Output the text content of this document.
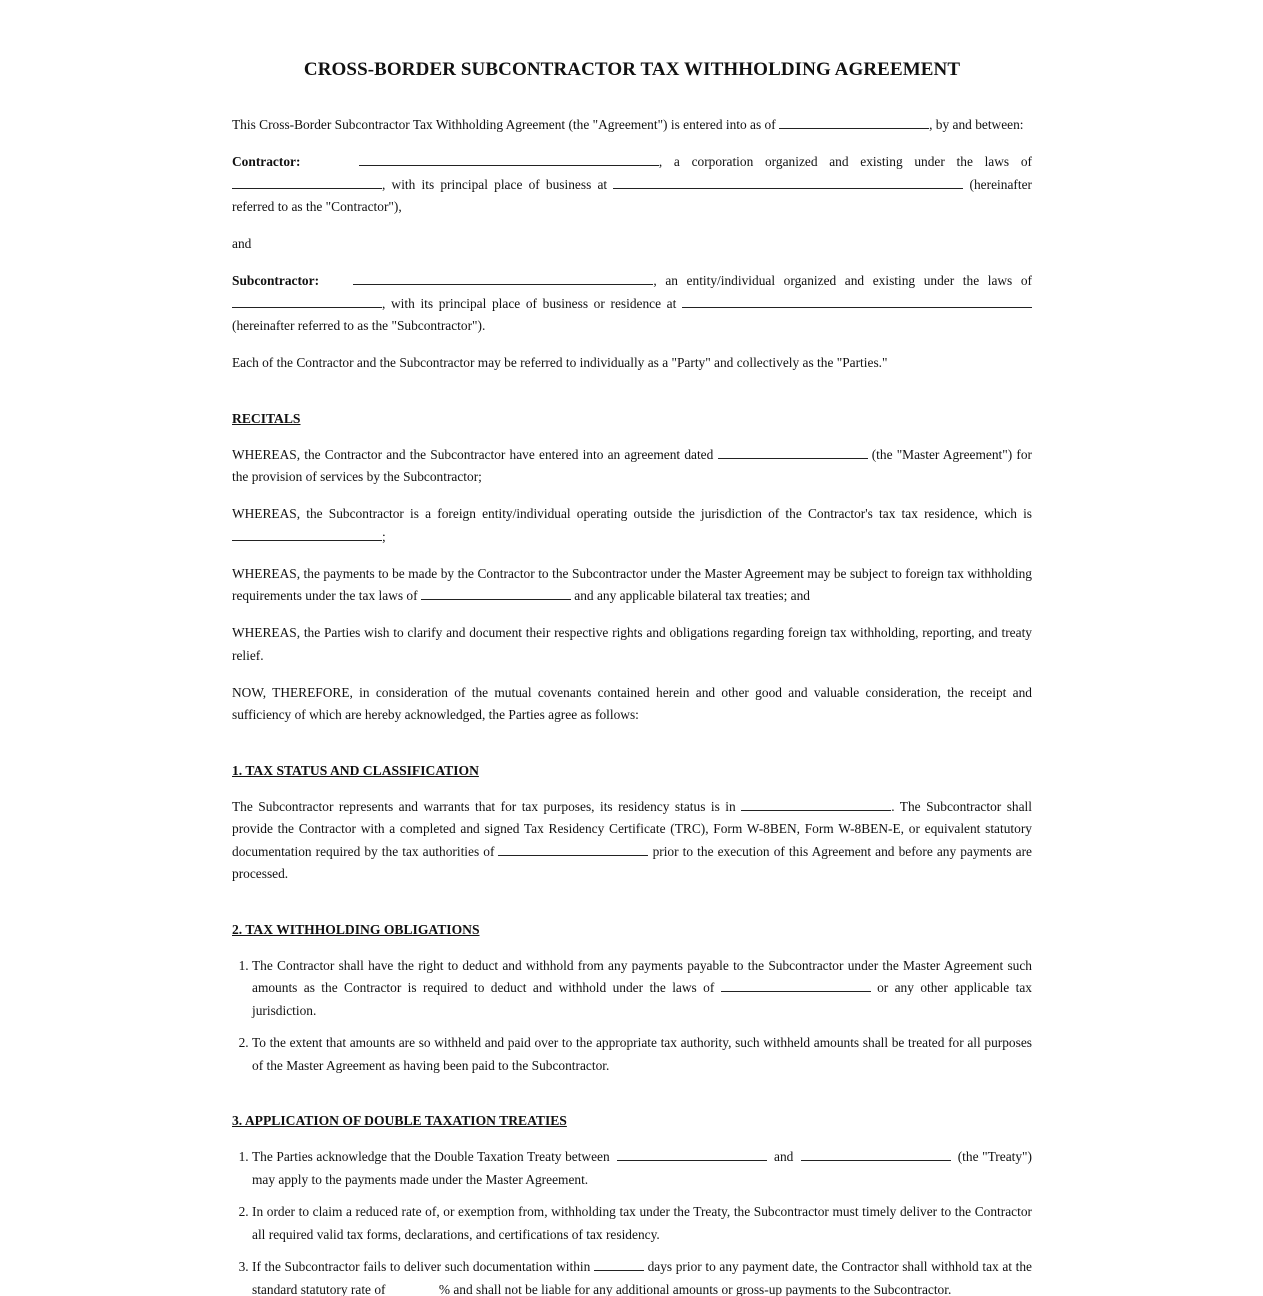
CROSS-BORDER SUBCONTRACTOR TAX WITHHOLDING AGREEMENT

This Cross-Border Subcontractor Tax Withholding Agreement (the "Agreement") is entered into as of	, by and between:

Contractor:	, a corporation organized and existing under the laws of , with its principal place of business at	(hereinafter referred to as the "Contractor"),

and

Subcontractor:	, an entity/individual organized and existing under the laws of , with its principal place of business or residence at  (hereinafter referred to as the "Subcontractor").

Each of the Contractor and the Subcontractor may be referred to individually as a "Party" and collectively as the "Parties."

RECITALS

WHEREAS, the Contractor and the Subcontractor have entered into an agreement dated	(the "Master Agreement") for the provision of services by the Subcontractor;

WHEREAS, the Subcontractor is a foreign entity/individual operating outside the jurisdiction of the Contractor's tax tax residence, which is ;

WHEREAS, the payments to be made by the Contractor to the Subcontractor under the Master Agreement may be subject to foreign tax withholding requirements under the tax laws of	and any applicable bilateral tax treaties; and

WHEREAS, the Parties wish to clarify and document their respective rights and obligations regarding foreign tax withholding, reporting, and treaty relief.

NOW, THEREFORE, in consideration of the mutual covenants contained herein and other good and valuable consideration, the receipt and sufficiency of which are hereby acknowledged, the Parties agree as follows:

1. TAX STATUS AND CLASSIFICATION

The Subcontractor represents and warrants that for tax purposes, its residency status is in	. The Subcontractor shall provide the Contractor with a completed and signed Tax Residency Certificate (TRC), Form W-8BEN, Form W-8BEN-E, or equivalent statutory documentation required by the tax authorities of	prior to the execution of this Agreement and before any payments are processed.

2. TAX WITHHOLDING OBLIGATIONS
1. The Contractor shall have the right to deduct and withhold from any payments payable to the Subcontractor under the Master Agreement such amounts as the Contractor is required to deduct and withhold under the laws of	or any other applicable tax jurisdiction.
2. To the extent that amounts are so withheld and paid over to the appropriate tax authority, such withheld amounts shall be treated for all purposes of the Master Agreement as having been paid to the Subcontractor.
3. APPLICATION OF DOUBLE TAXATION TREATIES
1. The Parties acknowledge that the Double Taxation Treaty between	and	(the "Treaty") may apply to the payments made under the Master Agreement.
2. In order to claim a reduced rate of, or exemption from, withholding tax under the Treaty, the Subcontractor must timely deliver to the Contractor all required valid tax forms, declarations, and certifications of tax residency.
3. If the Subcontractor fails to deliver such documentation within	days prior to any payment date, the Contractor shall withhold tax at the standard statutory rate of	% and shall not be liable for any additional amounts or gross-up payments to the Subcontractor.
